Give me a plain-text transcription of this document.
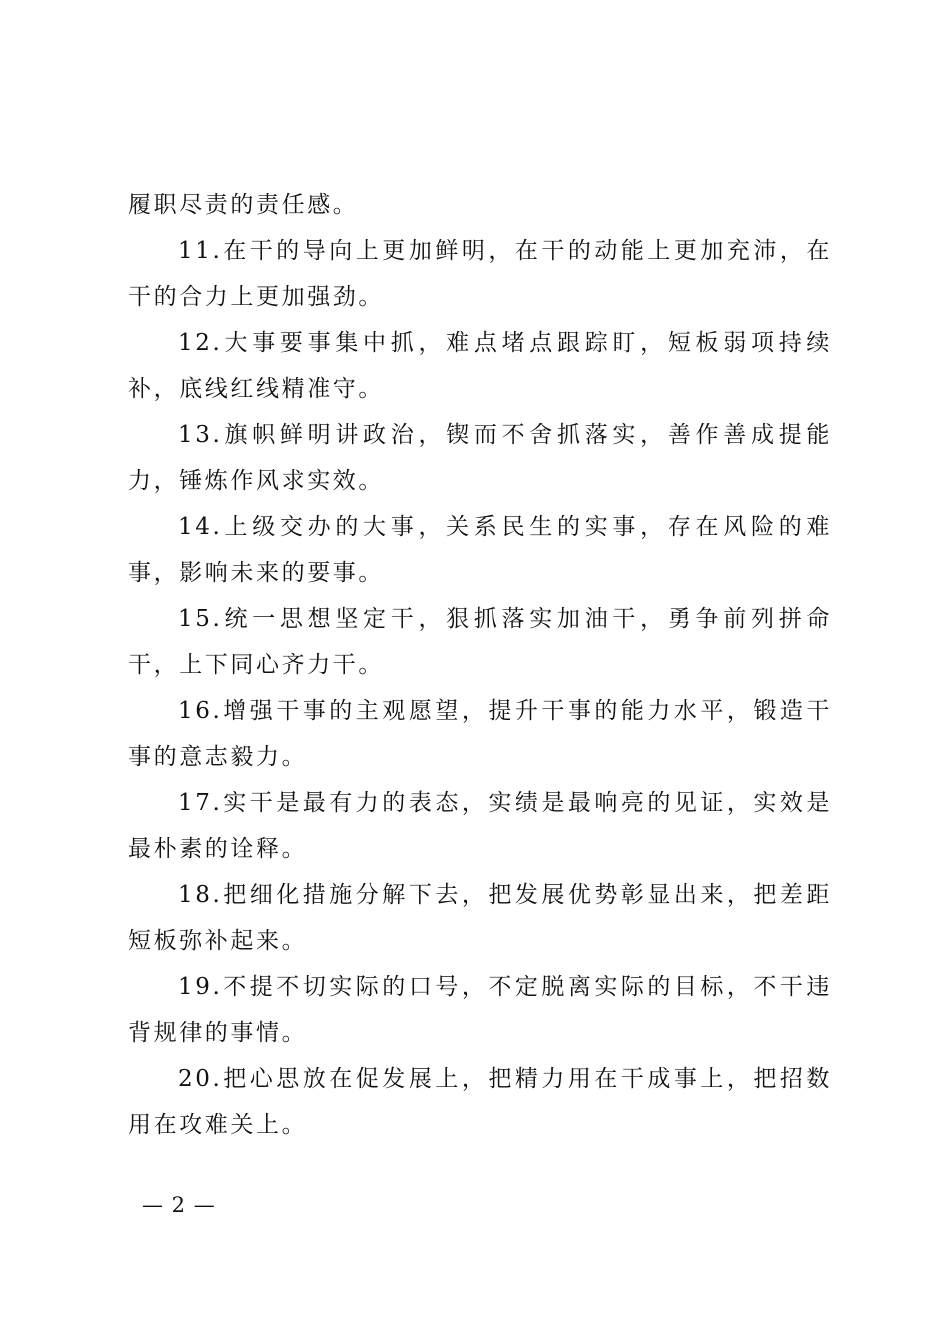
履职尽责的责任感。

11.在干的导向上更加鲜明，在干的动能上更加充沛，在干的合力上更加强劲。

12.大事要事集中抓，难点堵点跟踪盯，短板弱项持续补，底线红线精准守。

13.旗帜鲜明讲政治，锲而不舍抓落实，善作善成提能力，锤炼作风求实效。

14.上级交办的大事，关系民生的实事，存在风险的难事，影响未来的要事。

15.统一思想坚定干，狠抓落实加油干，勇争前列拼命干，上下同心齐力干。

16.增强干事的主观愿望，提升干事的能力水平，锻造干事的意志毅力。

17.实干是最有力的表态，实绩是最响亮的见证，实效是最朴素的诠释。

18.把细化措施分解下去，把发展优势彰显出来，把差距短板弥补起来。

19.不提不切实际的口号，不定脱离实际的目标，不干违背规律的事情。

20.把心思放在促发展上，把精力用在干成事上，把招数用在攻难关上。

— 2 —
